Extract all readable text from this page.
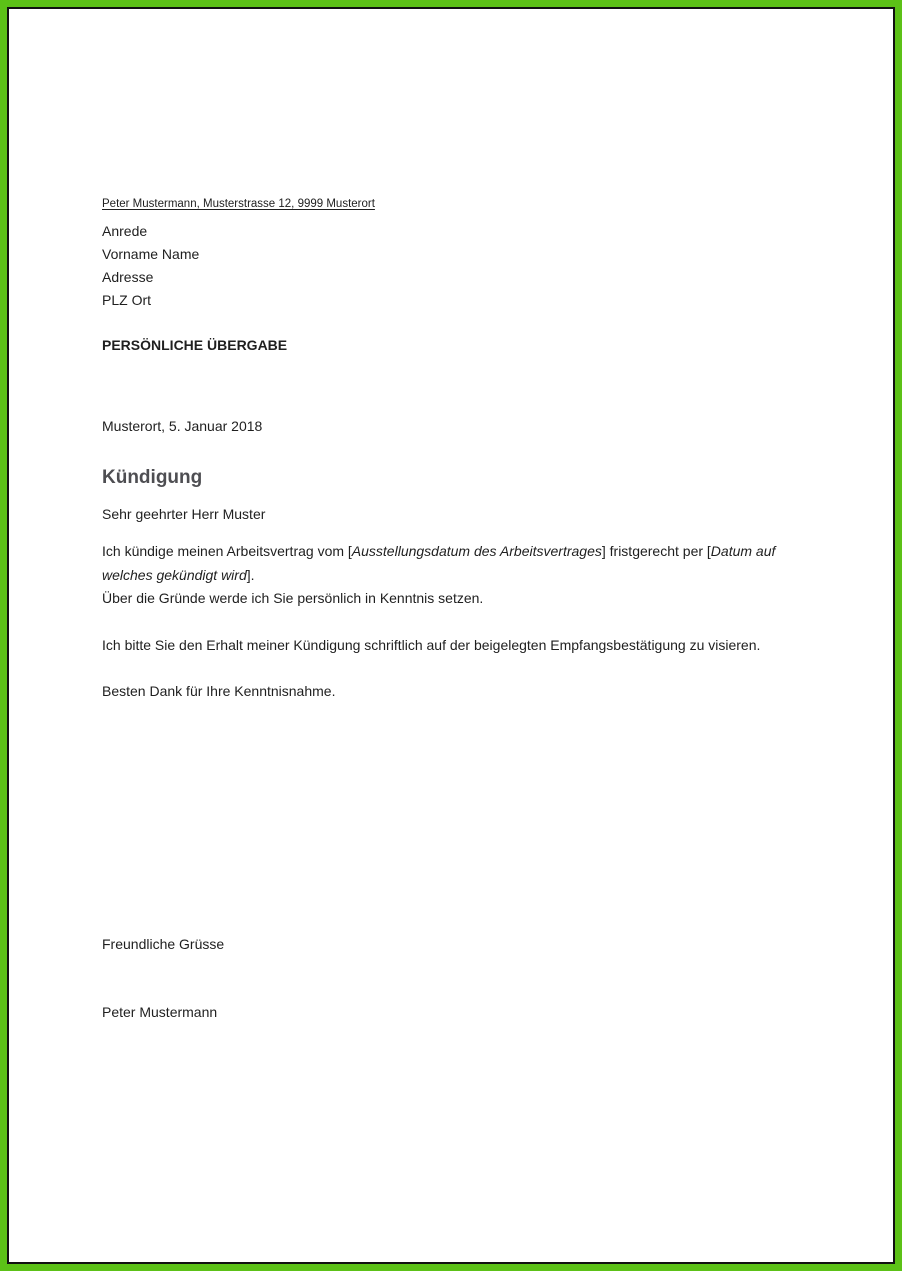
Peter Mustermann, Musterstrasse 12, 9999 Musterort
Anrede
Vorname Name
Adresse
PLZ Ort
PERSÖNLICHE ÜBERGABE
Musterort, 5. Januar 2018
Kündigung
Sehr geehrter Herr Muster
Ich kündige meinen Arbeitsvertrag vom [Ausstellungsdatum des Arbeitsvertrages] fristgerecht per [Datum auf welches gekündigt wird].
Über die Gründe werde ich Sie persönlich in Kenntnis setzen.
Ich bitte Sie den Erhalt meiner Kündigung schriftlich auf der beigelegten Empfangsbestätigung zu visieren.
Besten Dank für Ihre Kenntnisnahme.
Freundliche Grüsse
Peter Mustermann
